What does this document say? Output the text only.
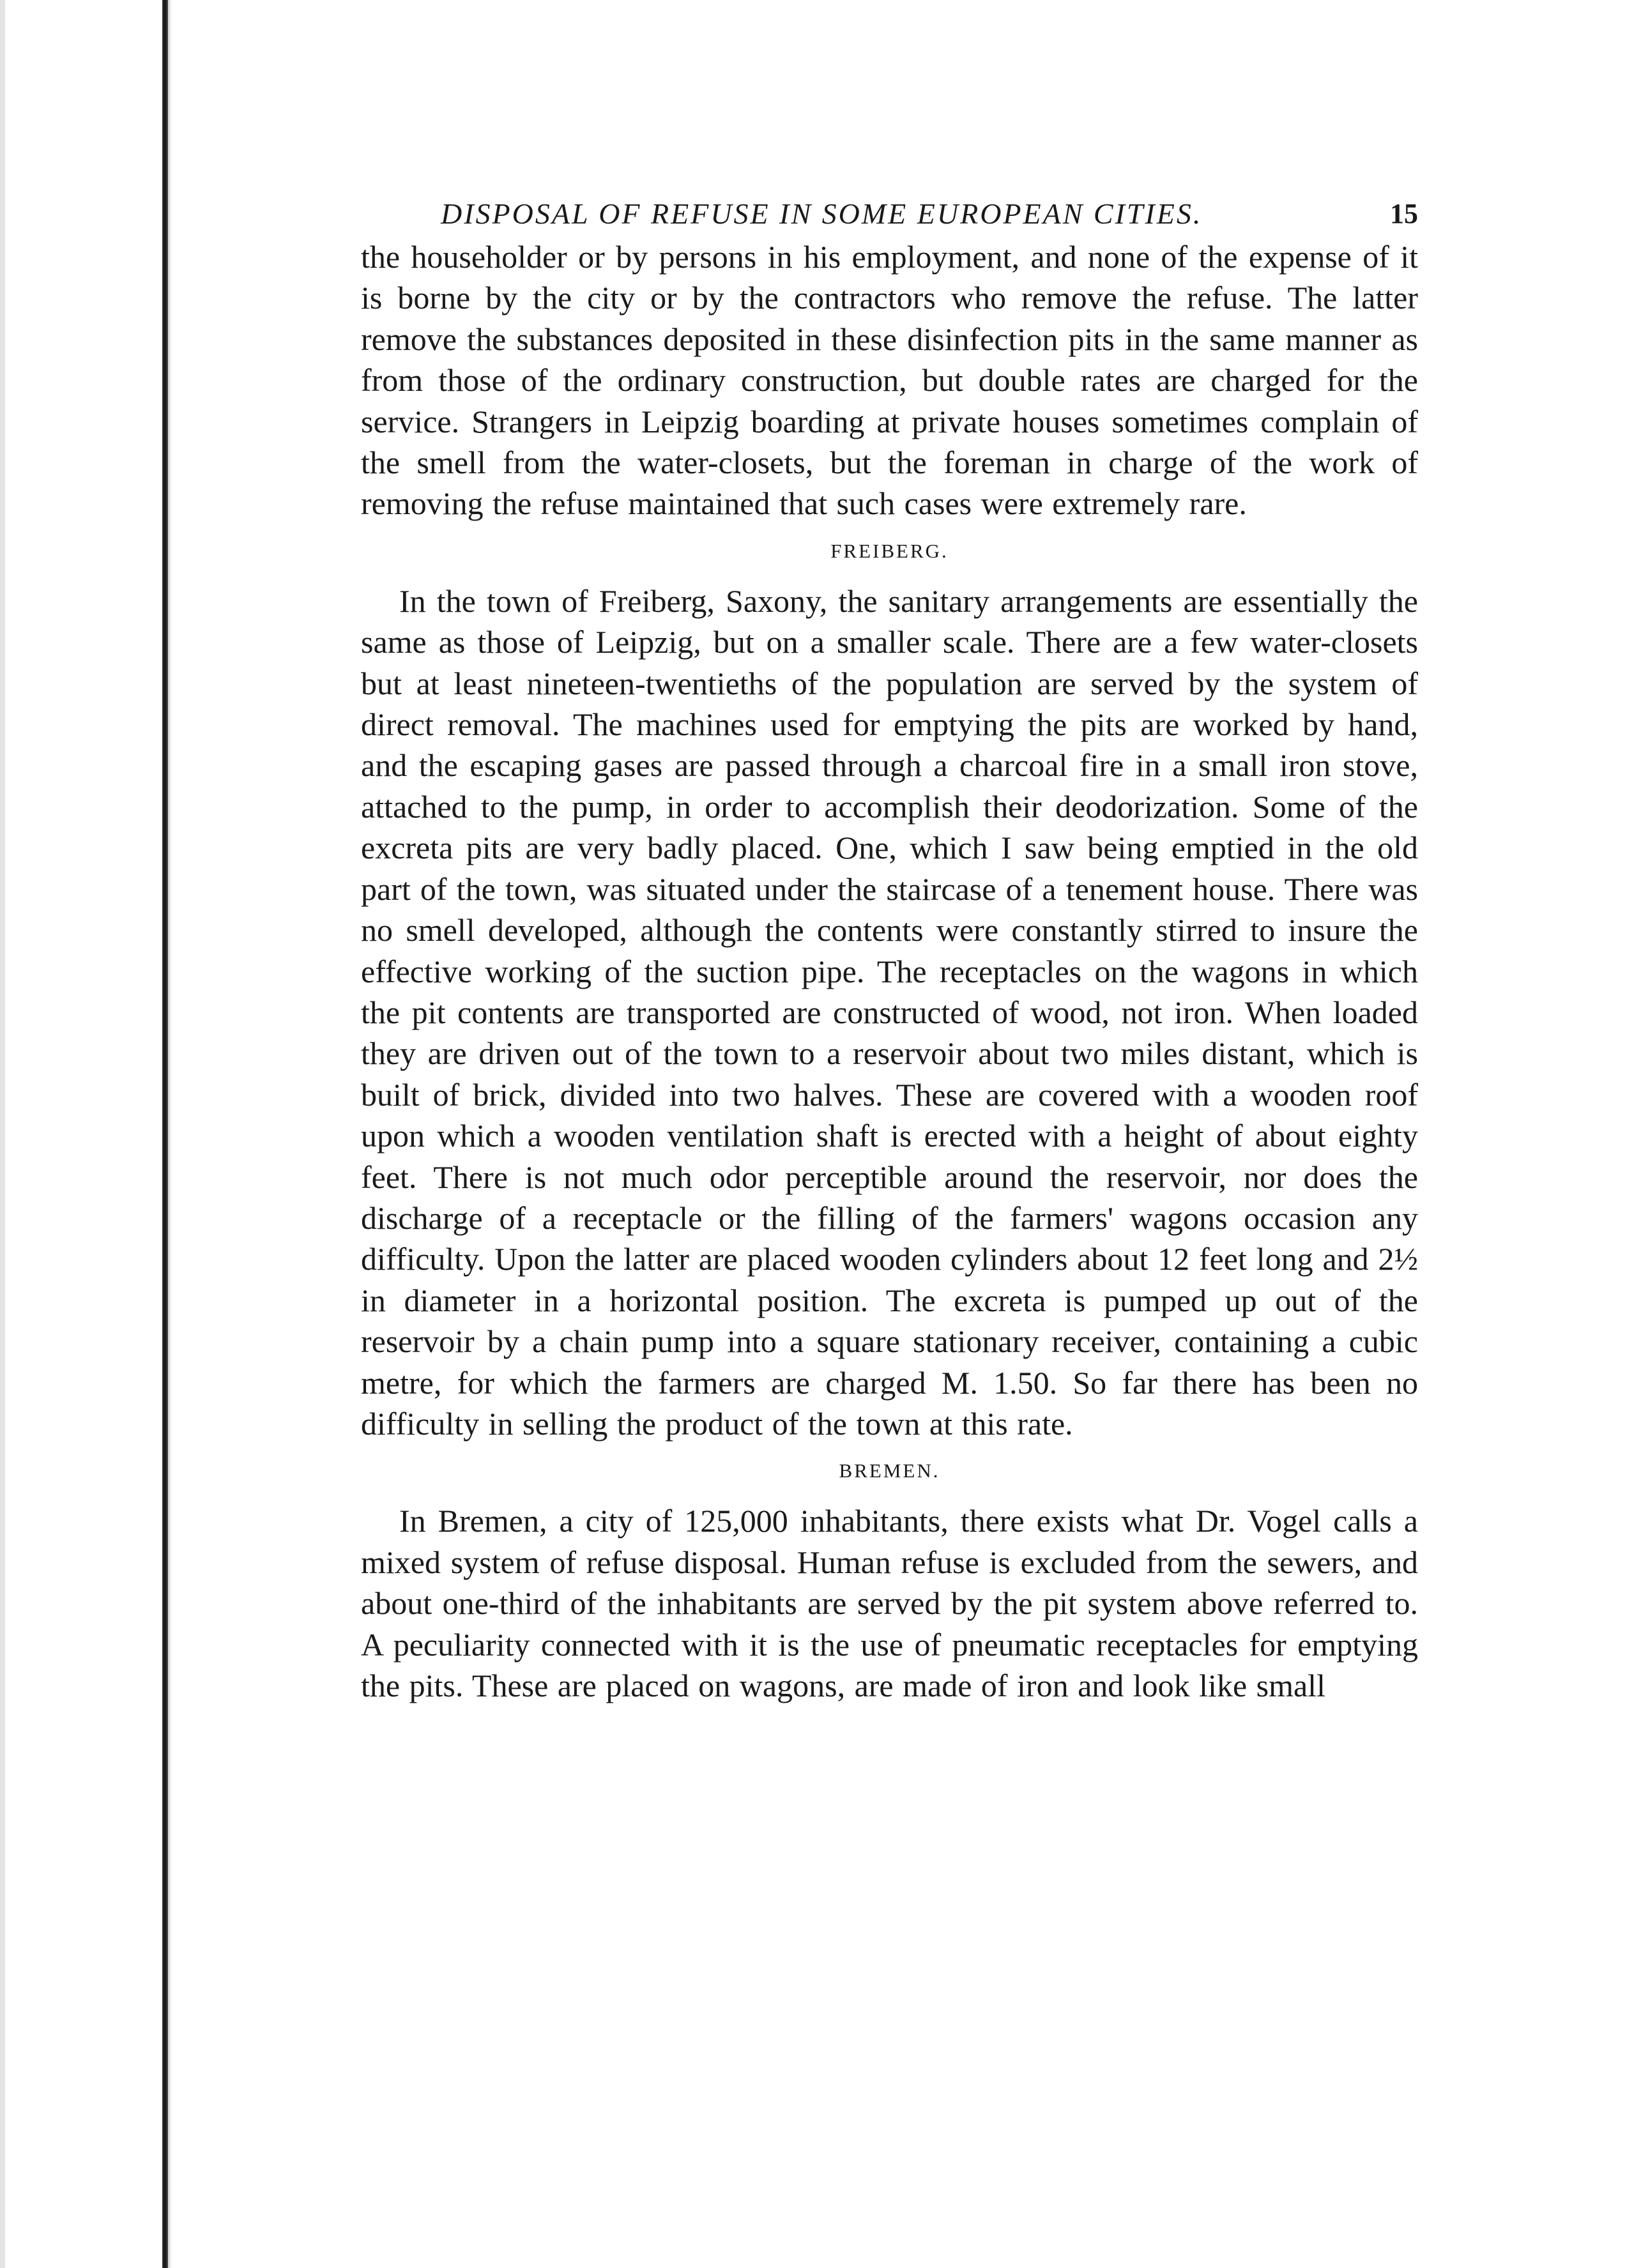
DISPOSAL OF REFUSE IN SOME EUROPEAN CITIES.	15

the householder or by persons in his employment, and none of the expense of it is borne by the city or by the contractors who remove the refuse. The latter remove the substances deposited in these disinfection pits in the same manner as from those of the ordinary construction, but double rates are charged for the service. Strangers in Leipzig boarding at private houses sometimes complain of the smell from the water-closets, but the foreman in charge of the work of removing the refuse maintained that such cases were extremely rare.

FREIBERG.

In the town of Freiberg, Saxony, the sanitary arrangements are essentially the same as those of Leipzig, but on a smaller scale. There are a few water-closets but at least nineteen-twentieths of the population are served by the system of direct removal. The machines used for emptying the pits are worked by hand, and the escaping gases are passed through a charcoal fire in a small iron stove, attached to the pump, in order to accomplish their deodorization. Some of the excreta pits are very badly placed. One, which I saw being emptied in the old part of the town, was situated under the staircase of a tenement house. There was no smell developed, although the contents were constantly stirred to insure the effective working of the suction pipe. The receptacles on the wagons in which the pit contents are transported are constructed of wood, not iron. When loaded they are driven out of the town to a reservoir about two miles distant, which is built of brick, divided into two halves. These are covered with a wooden roof upon which a wooden ventilation shaft is erected with a height of about eighty feet. There is not much odor perceptible around the reservoir, nor does the discharge of a receptacle or the filling of the farmers' wagons occasion any difficulty. Upon the latter are placed wooden cylinders about 12 feet long and 2½ in diameter in a horizontal position. The excreta is pumped up out of the reservoir by a chain pump into a square stationary receiver, containing a cubic metre, for which the farmers are charged M. 1.50. So far there has been no difficulty in selling the product of the town at this rate.

BREMEN.

In Bremen, a city of 125,000 inhabitants, there exists what Dr. Vogel calls a mixed system of refuse disposal. Human refuse is excluded from the sewers, and about one-third of the inhabitants are served by the pit system above referred to. A peculiarity connected with it is the use of pneumatic receptacles for emptying the pits. These are placed on wagons, are made of iron and look like small
